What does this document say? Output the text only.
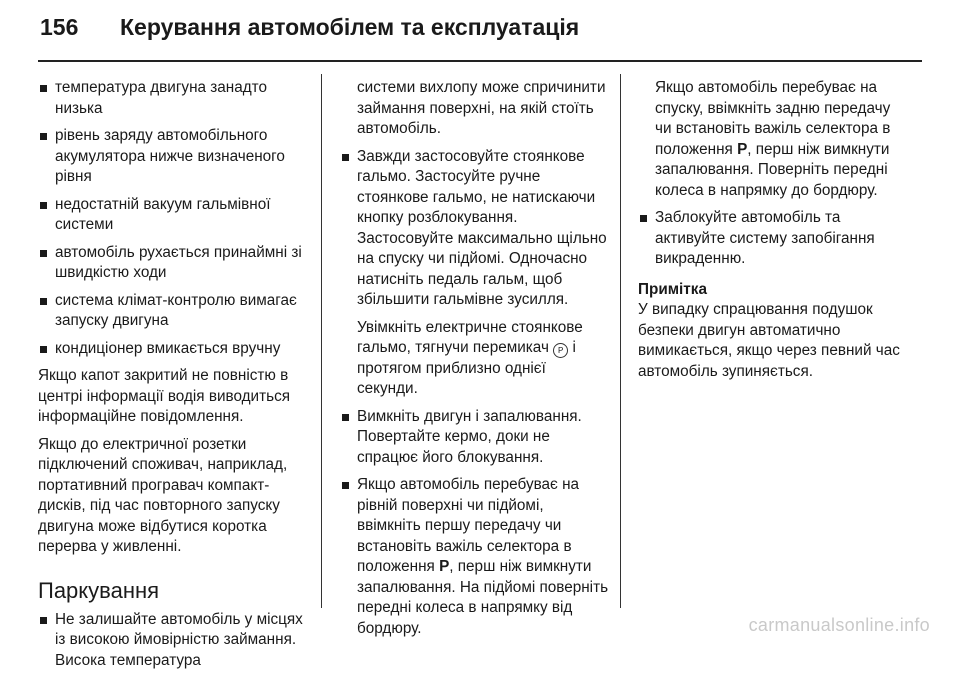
156	Керування автомобілем та експлуатація
температура двигуна занадто низька
рівень заряду автомобільного акумулятора нижче визначеного рівня
недостатній вакуум гальмівної системи
автомобіль рухається принаймні зі швидкістю ходи
система клімат-контролю вимагає запуску двигуна
кондиціонер вмикається вручну

Якщо капот закритий не повністю в центрі інформації водія виводиться інформаційне повідомлення.

Якщо до електричної розетки підключений споживач, наприклад, портативний програвач компакт-дисків, під час повторного запуску двигуна може відбутися коротка перерва у живленні.

Паркування
Не залишайте автомобіль у місцях із високою ймовірністю займання. Висока температура

системи вихлопу може спричинити займання поверхні, на якій стоїть автомобіль.

Завжди застосовуйте стоянкове гальмо. Застосуйте ручне стоянкове гальмо, не натискаючи кнопку розблокування. Застосовуйте максимально щільно на спуску чи підйомі. Одночасно натисніть педаль гальм, щоб збільшити гальмівне зусилля.
Увімкніть електричне стоянкове гальмо, тягнучи перемикач P і протягом приблизно однієї секунди.
Вимкніть двигун і запалювання. Повертайте кермо, доки не спрацює його блокування.
Якщо автомобіль перебуває на рівній поверхні чи підйомі, ввімкніть першу передачу чи встановіть важіль селектора в положення P, перш ніж вимкнути запалювання. На підйомі поверніть передні колеса в напрямку від бордюру.

Якщо автомобіль перебуває на спуску, ввімкніть задню передачу чи встановіть важіль селектора в положення P, перш ніж вимкнути запалювання. Поверніть передні колеса в напрямку до бордюру.

Заблокуйте автомобіль та активуйте систему запобігання викраденню.
Примітка
У випадку спрацювання подушок безпеки двигун автоматично вимикається, якщо через певний час автомобіль зупиняється.
carmanualsonline.info
